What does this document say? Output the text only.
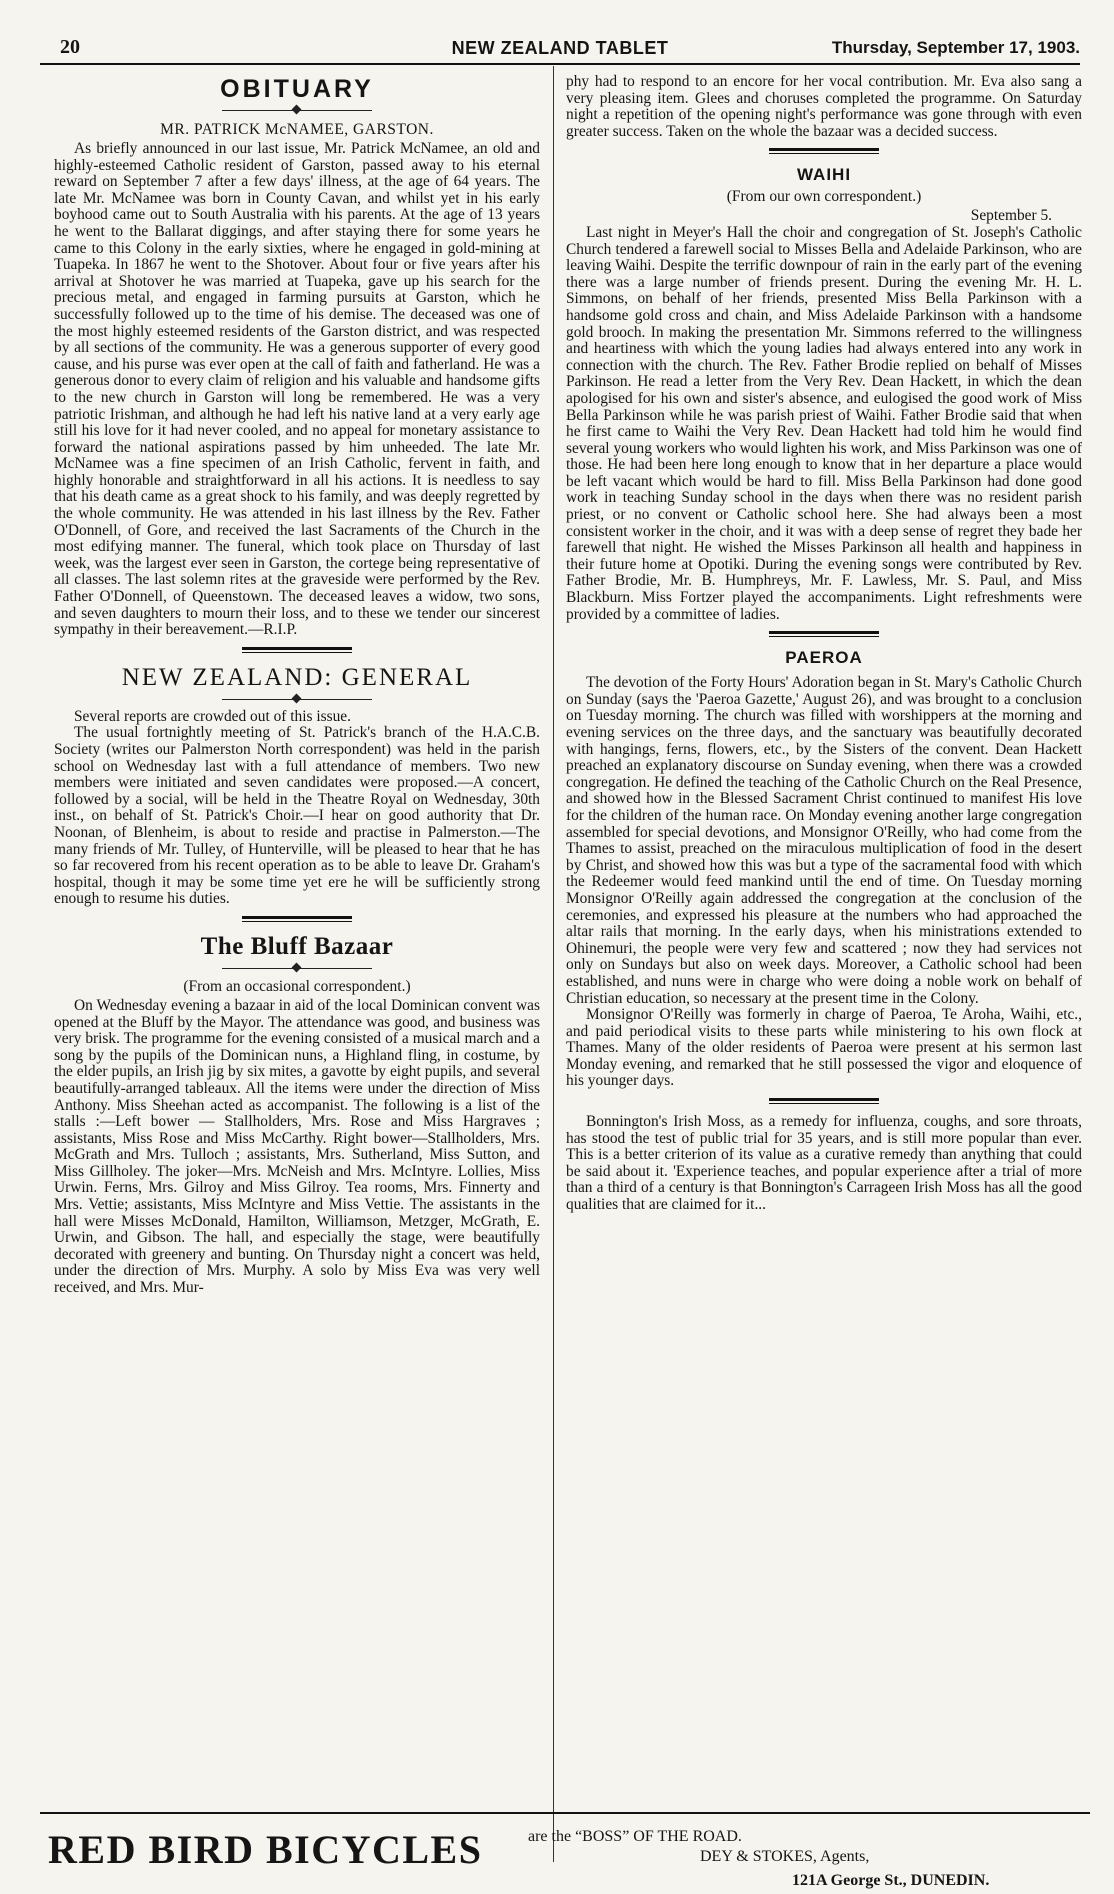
20	NEW ZEALAND TABLET	Thursday, September 17, 1903.
OBITUARY
MR. PATRICK McNAMEE, GARSTON.

As briefly announced in our last issue, Mr. Patrick McNamee, an old and highly-esteemed Catholic resident of Garston, passed away to his eternal reward on September 7 after a few days' illness, at the age of 64 years. The late Mr. McNamee was born in County Cavan, and whilst yet in his early boyhood came out to South Australia with his parents. At the age of 13 years he went to the Ballarat diggings, and after staying there for some years he came to this Colony in the early sixties, where he engaged in gold-mining at Tuapeka. In 1867 he went to the Shotover. About four or five years after his arrival at Shotover he was married at Tuapeka, gave up his search for the precious metal, and engaged in farming pursuits at Garston, which he successfully followed up to the time of his demise. The deceased was one of the most highly esteemed residents of the Garston district, and was respected by all sections of the community. He was a generous supporter of every good cause, and his purse was ever open at the call of faith and fatherland. He was a generous donor to every claim of religion and his valuable and handsome gifts to the new church in Garston will long be remembered. He was a very patriotic Irishman, and although he had left his native land at a very early age still his love for it had never cooled, and no appeal for monetary assistance to forward the national aspirations passed by him unheeded. The late Mr. McNamee was a fine specimen of an Irish Catholic, fervent in faith, and highly honorable and straightforward in all his actions. It is needless to say that his death came as a great shock to his family, and was deeply regretted by the whole community. He was attended in his last illness by the Rev. Father O'Donnell, of Gore, and received the last Sacraments of the Church in the most edifying manner. The funeral, which took place on Thursday of last week, was the largest ever seen in Garston, the cortege being representative of all classes. The last solemn rites at the graveside were performed by the Rev. Father O'Donnell, of Queenstown. The deceased leaves a widow, two sons, and seven daughters to mourn their loss, and to these we tender our sincerest sympathy in their bereavement.—R.I.P.

NEW ZEALAND: GENERAL

Several reports are crowded out of this issue.

The usual fortnightly meeting of St. Patrick's branch of the H.A.C.B. Society (writes our Palmerston North correspondent) was held in the parish school on Wednesday last with a full attendance of members. Two new members were initiated and seven candidates were proposed.—A concert, followed by a social, will be held in the Theatre Royal on Wednesday, 30th inst., on behalf of St. Patrick's Choir.—I hear on good authority that Dr. Noonan, of Blenheim, is about to reside and practise in Palmerston.—The many friends of Mr. Tulley, of Hunterville, will be pleased to hear that he has so far recovered from his recent operation as to be able to leave Dr. Graham's hospital, though it may be some time yet ere he will be sufficiently strong enough to resume his duties.

The Bluff Bazaar
(From an occasional correspondent.)

On Wednesday evening a bazaar in aid of the local Dominican convent was opened at the Bluff by the Mayor. The attendance was good, and business was very brisk. The programme for the evening consisted of a musical march and a song by the pupils of the Dominican nuns, a Highland fling, in costume, by the elder pupils, an Irish jig by six mites, a gavotte by eight pupils, and several beautifully-arranged tableaux. All the items were under the direction of Miss Anthony. Miss Sheehan acted as accompanist. The following is a list of the stalls :—Left bower — Stallholders, Mrs. Rose and Miss Hargraves ; assistants, Miss Rose and Miss McCarthy. Right bower—Stallholders, Mrs. McGrath and Mrs. Tulloch ; assistants, Mrs. Sutherland, Miss Sutton, and Miss Gillholey. The joker—Mrs. McNeish and Mrs. McIntyre. Lollies, Miss Urwin. Ferns, Mrs. Gilroy and Miss Gilroy. Tea rooms, Mrs. Finnerty and Mrs. Vettie; assistants, Miss McIntyre and Miss Vettie. The assistants in the hall were Misses McDonald, Hamilton, Williamson, Metzger, McGrath, E. Urwin, and Gibson. The hall, and especially the stage, were beautifully decorated with greenery and bunting. On Thursday night a concert was held, under the direction of Mrs. Murphy. A solo by Miss Eva was very well received, and Mrs. Mur-

phy had to respond to an encore for her vocal contribution. Mr. Eva also sang a very pleasing item. Glees and choruses completed the programme. On Saturday night a repetition of the opening night's performance was gone through with even greater success. Taken on the whole the bazaar was a decided success.

WAIHI
(From our own correspondent.)
September 5.

Last night in Meyer's Hall the choir and congregation of St. Joseph's Catholic Church tendered a farewell social to Misses Bella and Adelaide Parkinson, who are leaving Waihi. Despite the terrific downpour of rain in the early part of the evening there was a large number of friends present. During the evening Mr. H. L. Simmons, on behalf of her friends, presented Miss Bella Parkinson with a handsome gold cross and chain, and Miss Adelaide Parkinson with a handsome gold brooch. In making the presentation Mr. Simmons referred to the willingness and heartiness with which the young ladies had always entered into any work in connection with the church. The Rev. Father Brodie replied on behalf of Misses Parkinson. He read a letter from the Very Rev. Dean Hackett, in which the dean apologised for his own and sister's absence, and eulogised the good work of Miss Bella Parkinson while he was parish priest of Waihi. Father Brodie said that when he first came to Waihi the Very Rev. Dean Hackett had told him he would find several young workers who would lighten his work, and Miss Parkinson was one of those. He had been here long enough to know that in her departure a place would be left vacant which would be hard to fill. Miss Bella Parkinson had done good work in teaching Sunday school in the days when there was no resident parish priest, or no convent or Catholic school here. She had always been a most consistent worker in the choir, and it was with a deep sense of regret they bade her farewell that night. He wished the Misses Parkinson all health and happiness in their future home at Opotiki. During the evening songs were contributed by Rev. Father Brodie, Mr. B. Humphreys, Mr. F. Lawless, Mr. S. Paul, and Miss Blackburn. Miss Fortzer played the accompaniments. Light refreshments were provided by a committee of ladies.

PAEROA

The devotion of the Forty Hours' Adoration began in St. Mary's Catholic Church on Sunday (says the 'Paeroa Gazette,' August 26), and was brought to a conclusion on Tuesday morning. The church was filled with worshippers at the morning and evening services on the three days, and the sanctuary was beautifully decorated with hangings, ferns, flowers, etc., by the Sisters of the convent. Dean Hackett preached an explanatory discourse on Sunday evening, when there was a crowded congregation. He defined the teaching of the Catholic Church on the Real Presence, and showed how in the Blessed Sacrament Christ continued to manifest His love for the children of the human race. On Monday evening another large congregation assembled for special devotions, and Monsignor O'Reilly, who had come from the Thames to assist, preached on the miraculous multiplication of food in the desert by Christ, and showed how this was but a type of the sacramental food with which the Redeemer would feed mankind until the end of time. On Tuesday morning Monsignor O'Reilly again addressed the congregation at the conclusion of the ceremonies, and expressed his pleasure at the numbers who had approached the altar rails that morning. In the early days, when his ministrations extended to Ohinemuri, the people were very few and scattered ; now they had services not only on Sundays but also on week days. Moreover, a Catholic school had been established, and nuns were in charge who were doing a noble work on behalf of Christian education, so necessary at the present time in the Colony.

Monsignor O'Reilly was formerly in charge of Paeroa, Te Aroha, Waihi, etc., and paid periodical visits to these parts while ministering to his own flock at Thames. Many of the older residents of Paeroa were present at his sermon last Monday evening, and remarked that he still possessed the vigor and eloquence of his younger days.

Bonnington's Irish Moss, as a remedy for influenza, coughs, and sore throats, has stood the test of public trial for 35 years, and is still more popular than ever. This is a better criterion of its value as a curative remedy than anything that could be said about it. 'Experience teaches, and popular experience after a trial of more than a third of a century is that Bonnington's Carrageen Irish Moss has all the good qualities that are claimed for it...

RED BIRD BICYCLES	are the “BOSS” OF THE ROAD.
DEY & STOKES, Agents,
121A George St., DUNEDIN.
